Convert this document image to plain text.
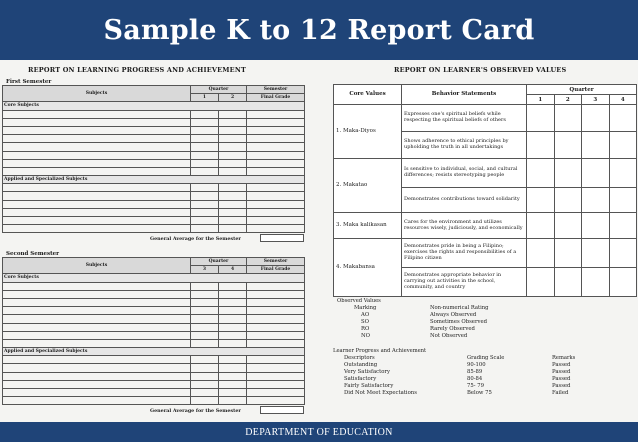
Sample K to 12 Report Card
REPORT ON LEARNING PROGRESS AND ACHIEVEMENT
First Semester
Subjects	Quarter		Semester
	1	2	Final Grade
Core Subjects			

Applied and Specialized Subjects			

General Average for the Semester
Second Semester
Subjects	Quarter		Semester
	3	4	Final Grade
Core Subjects			

Applied and Specialized Subjects			

General Average for the Semester
REPORT ON LEARNER'S OBSERVED VALUES
Core Values	Behavior Statements	Quarter			
		1	2	3	4
1. Maka-Diyos	Expresses one's spiritual beliefs while respecting the spiritual beliefs of others				
	Shows adherence to ethical principles by upholding the truth in all undertakings				
2. Makatao	Is sensitive to individual, social, and cultural differences; resists stereotyping people				
	Demonstrates contributions toward solidarity				
3. Maka kalikasan	Cares for the environment and utilizes resources wisely, judiciously, and economically				
4. Makabansa	Demonstrates pride in being a Filipino; exercises the rights and responsibilities of a Filipino citizen				
	Demonstrates appropriate behavior in carrying out activities in the school, community, and country				
Observed Values
Marking	Non-numerical Rating
AO	Always Observed
SO	Sometimes Observed
RO	Rarely Observed
NO	Not Observed
Learner Progress and Achievement
Descriptors	Grading Scale	Remarks
Outstanding	90-100	Passed
Very Satisfactory	85-89	Passed
Satisfactory	80-84	Passed
Fairly Satisfactory	75- 79	Passed
Did Not Meet Expectations	Below 75	Failed
DEPARTMENT OF EDUCATION
